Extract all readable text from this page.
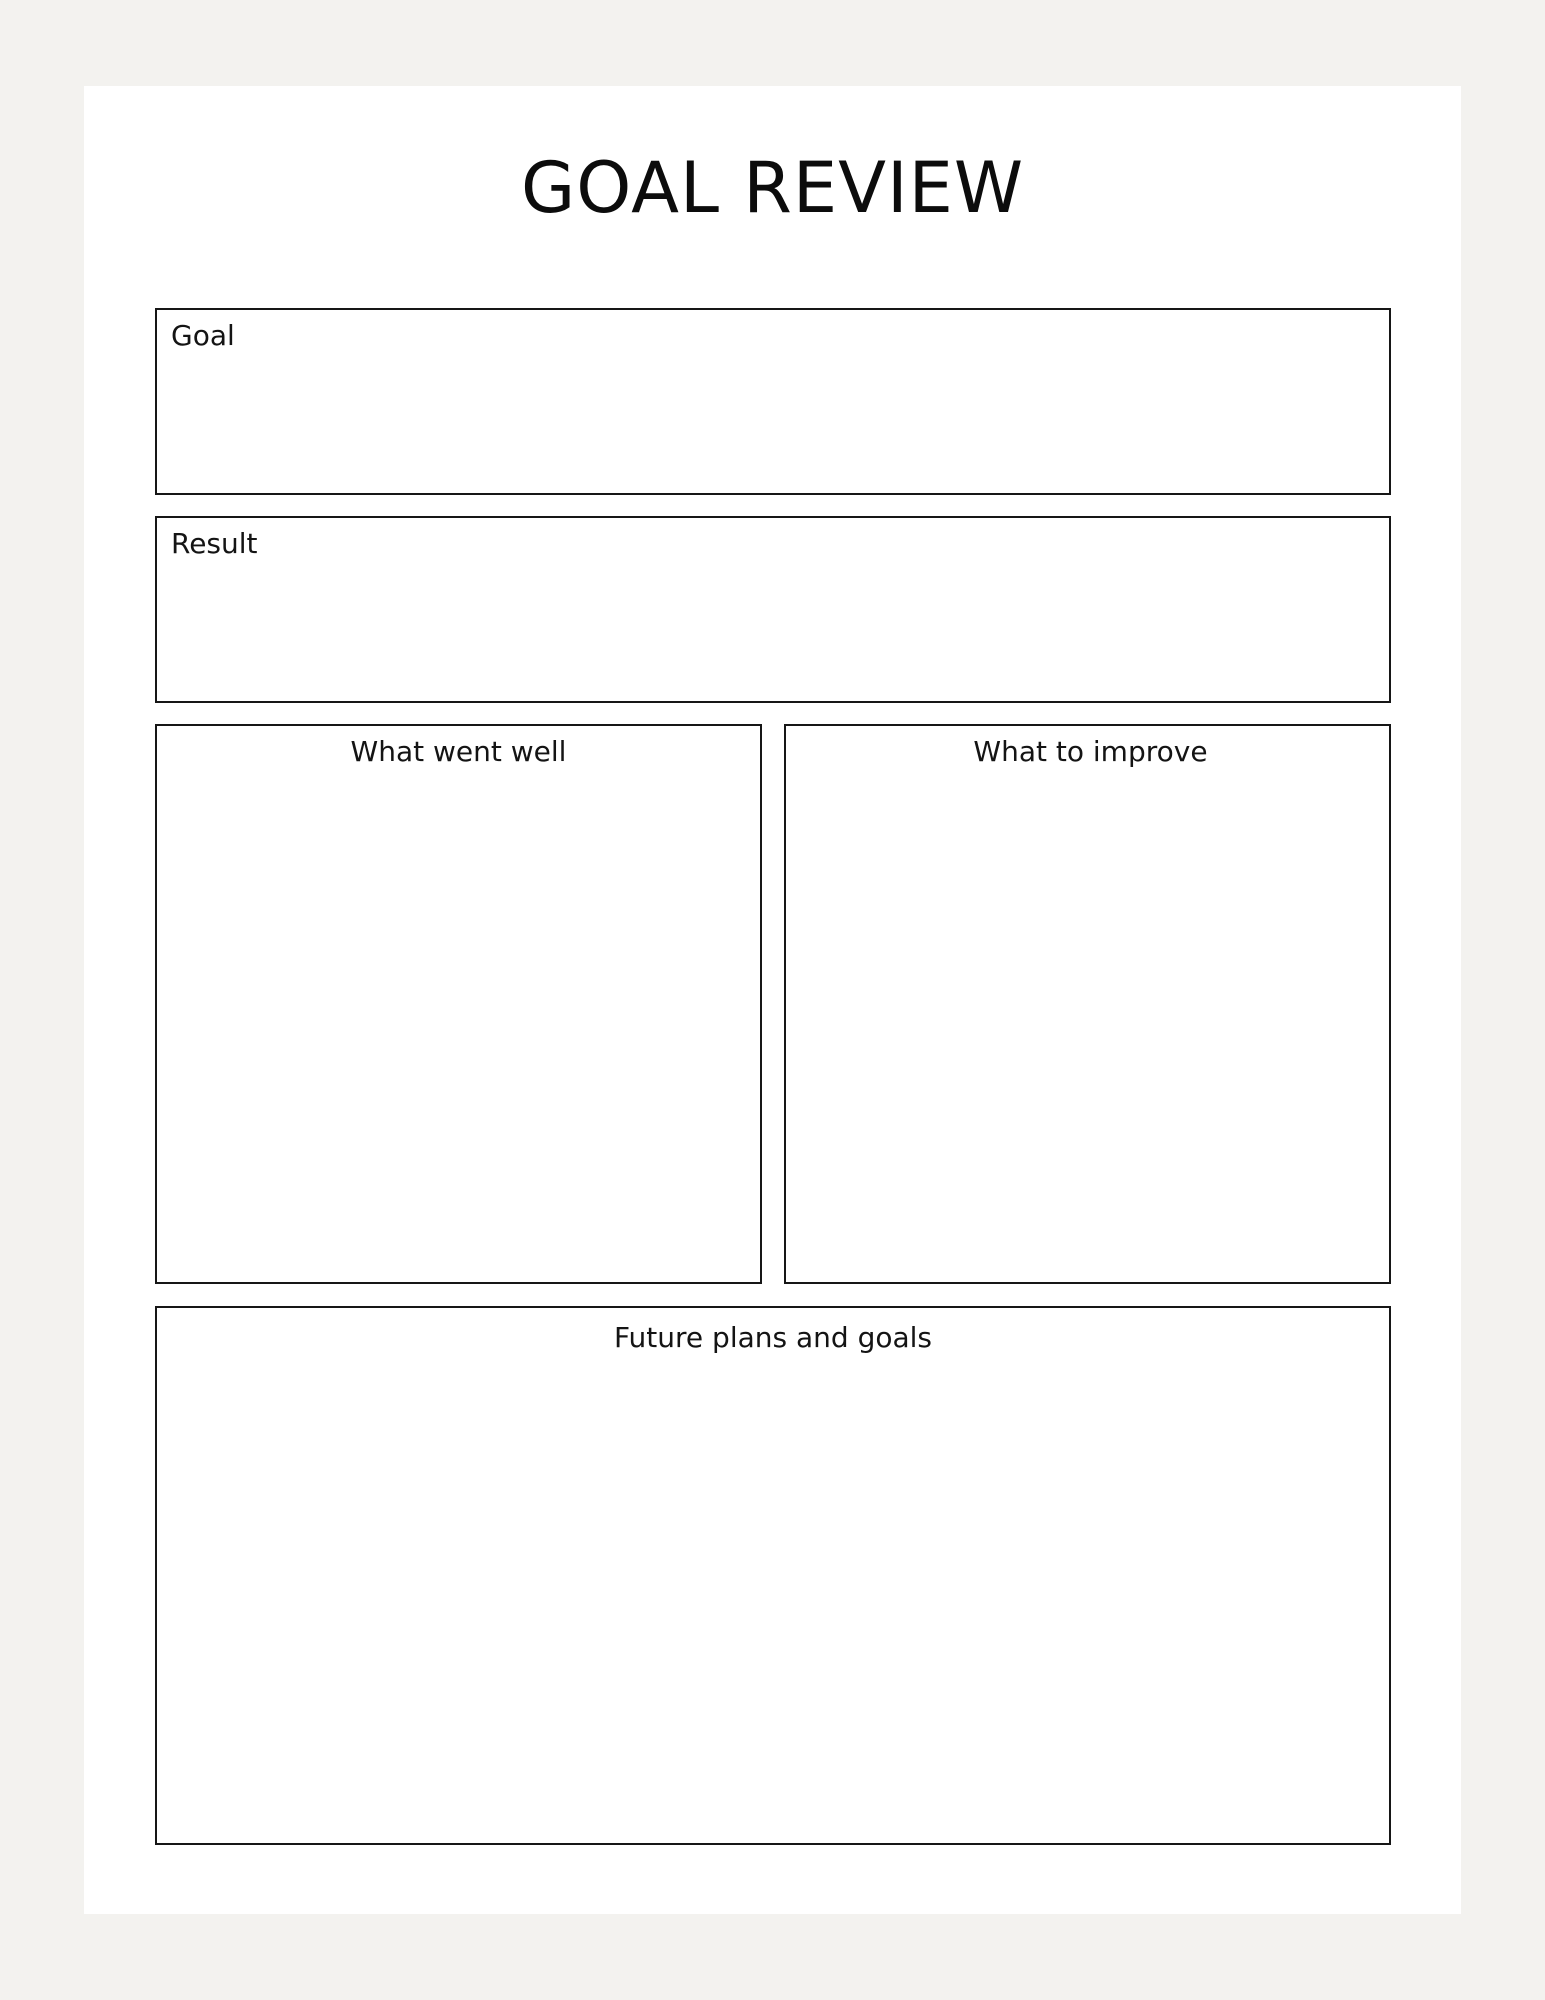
GOAL REVIEW
Goal
Result
What went well	What to improve
Future plans and goals
